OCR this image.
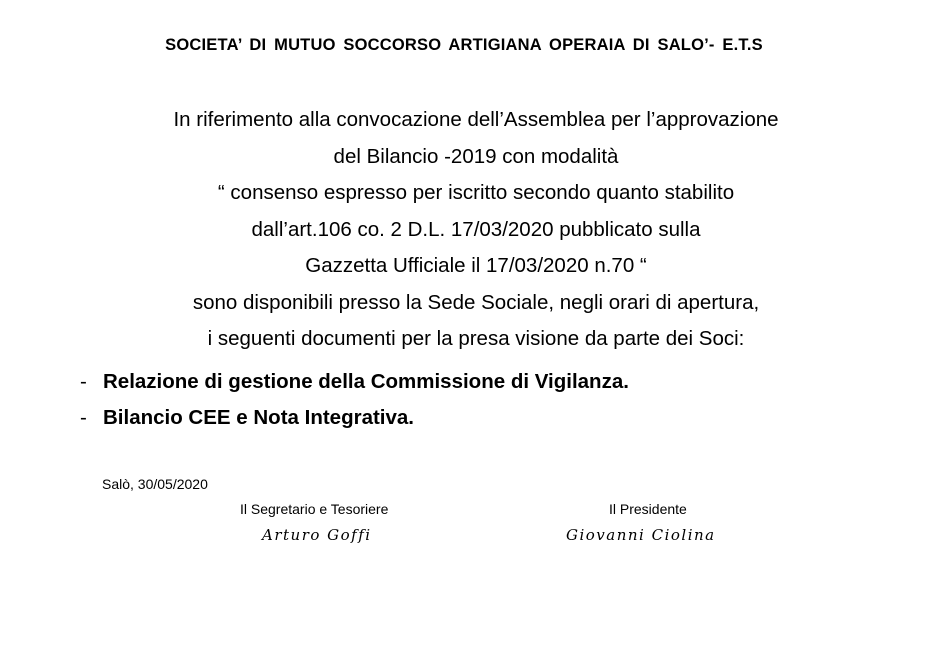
SOCIETA’ DI MUTUO SOCCORSO ARTIGIANA OPERAIA DI SALO’- E.T.S
In riferimento alla convocazione dell’Assemblea per l’approvazione
del Bilancio -2019 con modalità
“ consenso espresso per iscritto secondo quanto stabilito
dall’art.106 co. 2 D.L. 17/03/2020 pubblicato sulla
Gazzetta Ufficiale il 17/03/2020 n.70 “
sono disponibili presso la Sede Sociale, negli orari di apertura,
i seguenti documenti per la presa visione da parte dei Soci:
- Relazione di gestione della Commissione di Vigilanza.
- Bilancio CEE e Nota Integrativa.
Salò, 30/05/2020
Il Segretario e Tesoriere	Il Presidente
Arturo Goffi	Giovanni Ciolina
